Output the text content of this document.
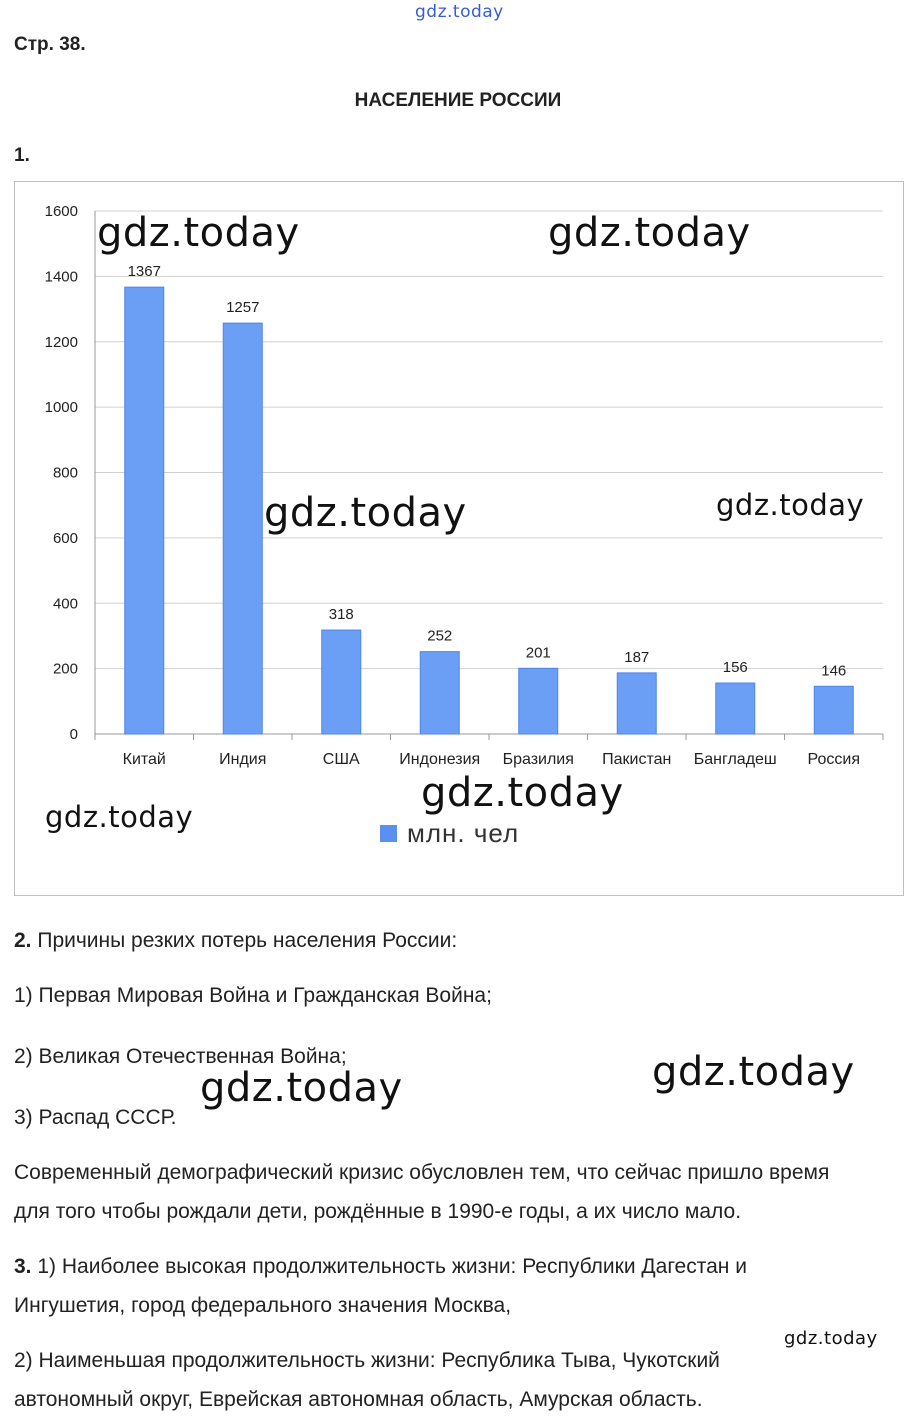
gdz.today
Стр. 38.
НАСЕЛЕНИЕ РОССИИ
1.
0
200
400
600
800
1000
1200
1400
1600
1367
Китай
1257
Индия
318
США
252
Индонезия
201
Бразилия
187
Пакистан
156
Бангладеш
146
Россия
млн. чел
gdz.today	gdz.today
gdz.today	gdz.today
gdz.today
gdz.today
gdz.today	gdz.today
gdz.today

2. Причины резких потерь населения России:

1) Первая Мировая Война и Гражданская Война;

2) Великая Отечественная Война;

3) Распад СССР.

Современный демографический кризис обусловлен тем, что сейчас пришло время

для того чтобы рождали дети, рождённые в 1990-е годы, а их число мало.

3. 1) Наиболее высокая продолжительность жизни: Республики Дагестан и

Ингушетия, город федерального значения Москва,

2) Наименьшая продолжительность жизни: Республика Тыва, Чукотский

автономный округ, Еврейская автономная область, Амурская область.
